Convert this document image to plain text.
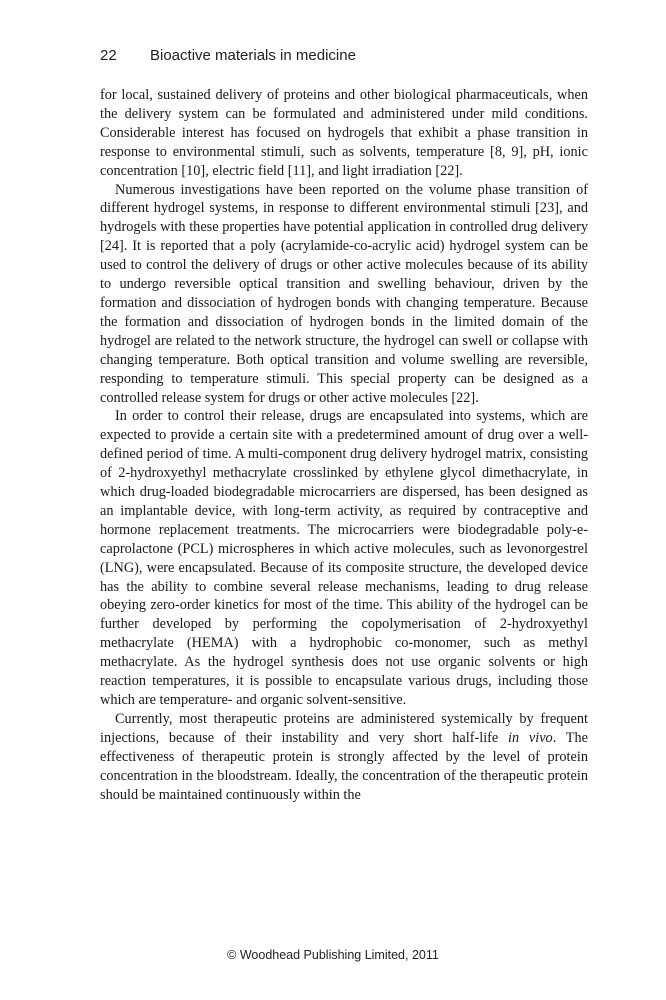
22 Bioactive materials in medicine

for local, sustained delivery of proteins and other biological pharmaceuticals, when the delivery system can be formulated and administered under mild conditions. Considerable interest has focused on hydrogels that exhibit a phase transition in response to environmental stimuli, such as solvents, temperature [8, 9], pH, ionic concentration [10], electric field [11], and light irradiation [22].

Numerous investigations have been reported on the volume phase transition of different hydrogel systems, in response to different environmental stimuli [23], and hydrogels with these properties have potential application in controlled drug delivery [24]. It is reported that a poly (acrylamide-co-acrylic acid) hydrogel system can be used to control the delivery of drugs or other active molecules because of its ability to undergo reversible optical transition and swelling behaviour, driven by the formation and dissociation of hydrogen bonds with changing temperature. Because the formation and dissociation of hydrogen bonds in the limited domain of the hydrogel are related to the network structure, the hydrogel can swell or collapse with changing temperature. Both optical transition and volume swelling are reversible, responding to temperature stimuli. This special property can be designed as a controlled release system for drugs or other active molecules [22].

In order to control their release, drugs are encapsulated into systems, which are expected to provide a certain site with a predetermined amount of drug over a well-defined period of time. A multi-component drug delivery hydrogel matrix, consisting of 2-hydroxyethyl methacrylate crosslinked by ethylene glycol dimethacrylate, in which drug-loaded biodegradable microcarriers are dispersed, has been designed as an implantable device, with long-term activity, as required by contraceptive and hormone replacement treatments. The microcarriers were biodegradable poly-e-caprolactone (PCL) microspheres in which active molecules, such as levonorgestrel (LNG), were encapsulated. Because of its composite structure, the developed device has the ability to combine several release mechanisms, leading to drug release obeying zero-order kinetics for most of the time. This ability of the hydrogel can be further developed by performing the copolymerisation of 2-hydroxyethyl methacrylate (HEMA) with a hydrophobic co-monomer, such as methyl methacrylate. As the hydrogel synthesis does not use organic solvents or high reaction temperatures, it is possible to encapsulate various drugs, including those which are temperature- and organic solvent-sensitive.

Currently, most therapeutic proteins are administered systemically by frequent injections, because of their instability and very short half-life in vivo. The effectiveness of therapeutic protein is strongly affected by the level of protein concentration in the bloodstream. Ideally, the concentration of the therapeutic protein should be maintained continuously within the

© Woodhead Publishing Limited, 2011
